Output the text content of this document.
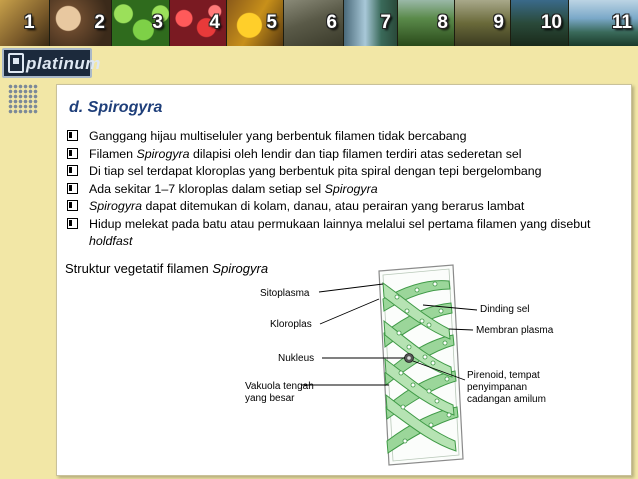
1	2 3 4 5	6 7 8 9 10	11
platinum
d. Spirogyra
Ganggang hijau multiseluler yang berbentuk filamen tidak bercabang
Filamen Spirogyra dilapisi oleh lendir dan tiap filamen terdiri atas sederetan sel
Di tiap sel terdapat kloroplas yang berbentuk pita spiral dengan tepi bergelombang
Ada sekitar 1–7 kloroplas dalam setiap sel Spirogyra
Spirogyra dapat ditemukan di kolam, danau, atau perairan yang berarus lambat
Hidup melekat pada batu atau permukaan lainnya melalui sel pertama filamen yang disebut holdfast
Struktur vegetatif filamen Spirogyra
Sitoplasma
Kloroplas
Nukleus
Vakuola tengah
yang besar
Dinding sel
Membran plasma
Pirenoid, tempat
penyimpanan
cadangan amilum
